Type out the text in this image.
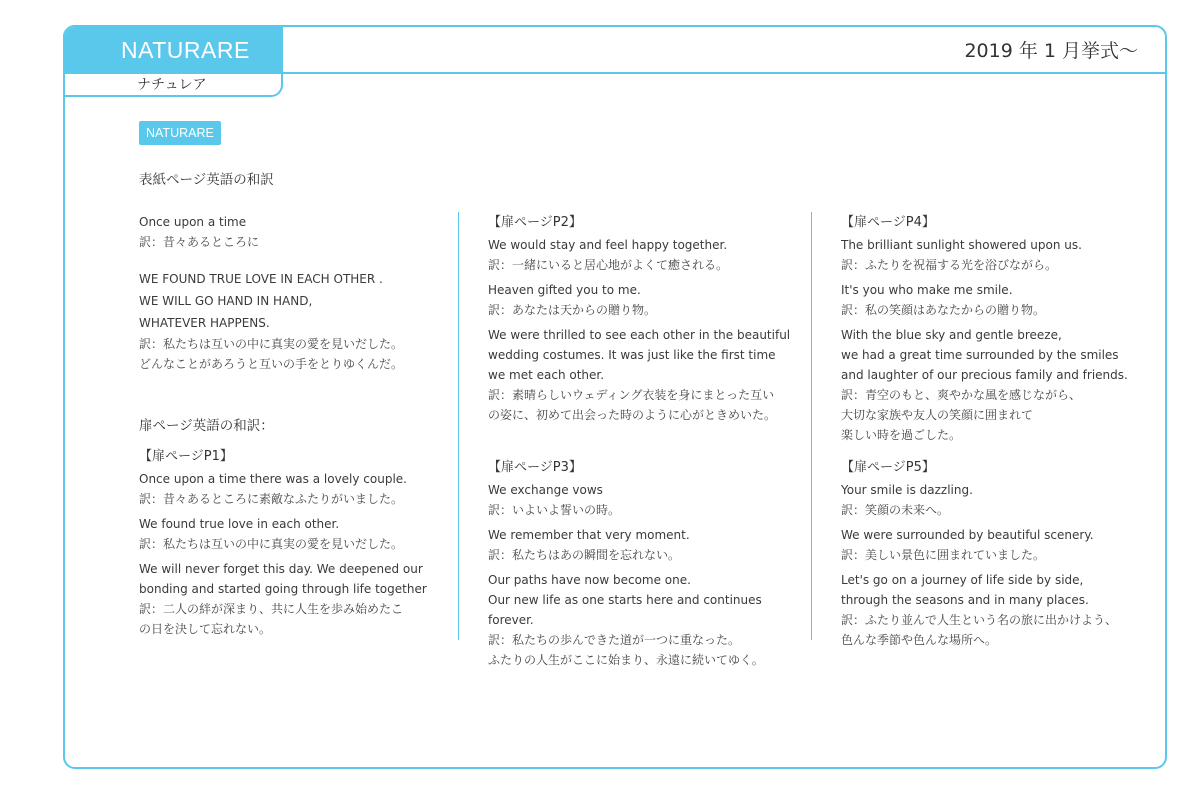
NATURARE
ナチュレア
2019 年 1 月挙式〜
NATURARE
表紙ページ英語の和訳
Once upon a time
訳：昔々あるところに
WE FOUND TRUE LOVE IN EACH OTHER .
WE WILL GO HAND IN HAND,
WHATEVER HAPPENS.
訳：私たちは互いの中に真実の愛を見いだした。
どんなことがあろうと互いの手をとりゆくんだ。
扉ページ英語の和訳：
【扉ページP1】
Once upon a time there was a lovely couple.
訳：昔々あるところに素敵なふたりがいました。
We found true love in each other.
訳：私たちは互いの中に真実の愛を見いだした。
We will never forget this day. We deepened our
bonding and started going through life together
訳：二人の絆が深まり、共に人生を歩み始めたこ
の日を決して忘れない。
【扉ページP2】
We would stay and feel happy together.
訳：一緒にいると居心地がよくて癒される。
Heaven gifted you to me.
訳：あなたは天からの贈り物。
We were thrilled to see each other in the beautiful
wedding costumes. It was just like the first time
we met each other.
訳：素晴らしいウェディング衣装を身にまとった互い
の姿に、初めて出会った時のように心がときめいた。
【扉ページP3】
We exchange vows
訳：いよいよ誓いの時。
We remember that very moment.
訳：私たちはあの瞬間を忘れない。
Our paths have now become one.
Our new life as one starts here and continues forever.
訳：私たちの歩んできた道が一つに重なった。
ふたりの人生がここに始まり、永遠に続いてゆく。
【扉ページP4】
The brilliant sunlight showered upon us.
訳：ふたりを祝福する光を浴びながら。
It's you who make me smile.
訳：私の笑顔はあなたからの贈り物。
With the blue sky and gentle breeze,
we had a great time surrounded by the smiles
and laughter of our precious family and friends.
訳：青空のもと、爽やかな風を感じながら、
大切な家族や友人の笑顔に囲まれて
楽しい時を過ごした。
【扉ページP5】
Your smile is dazzling.
訳：笑顔の未来へ。
We were surrounded by beautiful scenery.
訳：美しい景色に囲まれていました。
Let's go on a journey of life side by side,
through the seasons and in many places.
訳：ふたり並んで人生という名の旅に出かけよう、
色んな季節や色んな場所へ。
